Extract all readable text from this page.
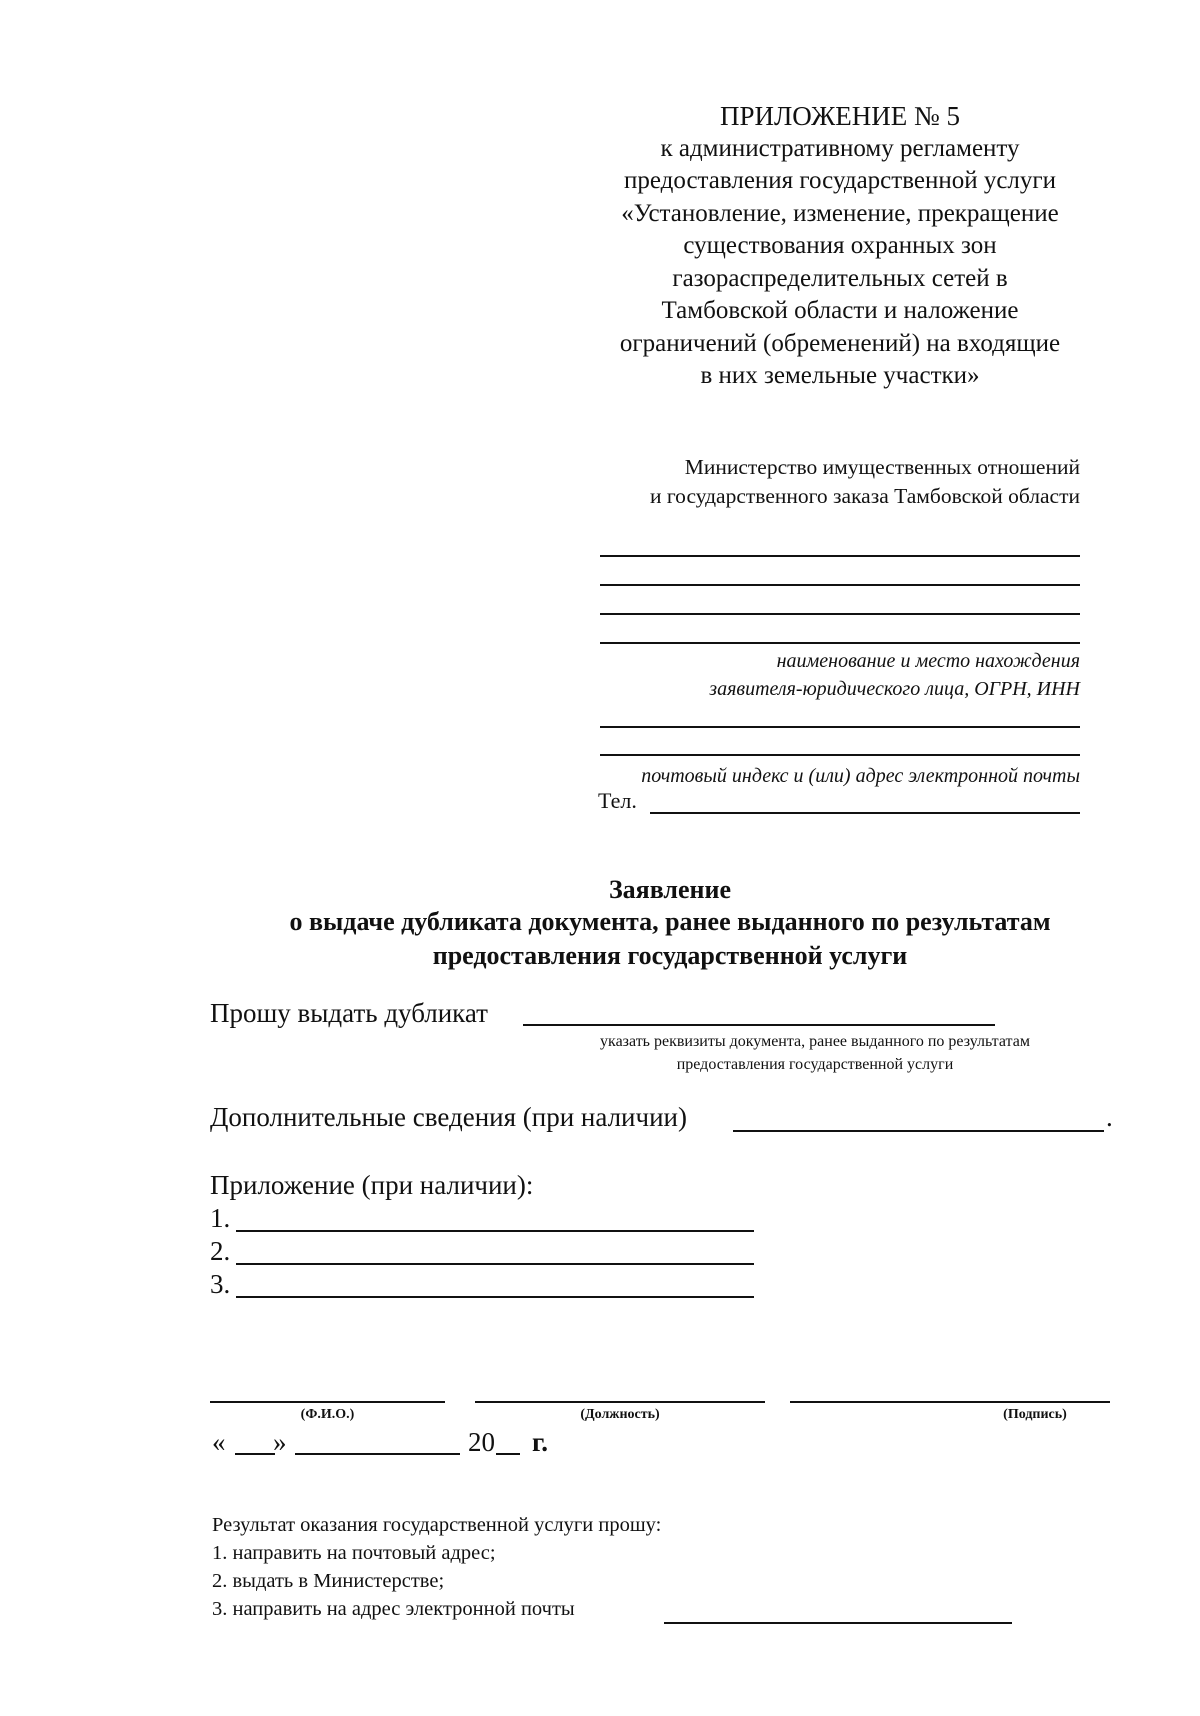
ПРИЛОЖЕНИЕ № 5
к административному регламенту
предоставления государственной услуги
«Установление, изменение, прекращение
существования охранных зон
газораспределительных сетей в
Тамбовской области и наложение
ограничений (обременений) на входящие
в них земельные участки»
Министерство имущественных отношений
и государственного заказа Тамбовской области
наименование и место нахождения
заявителя-юридического лица, ОГРН, ИНН
почтовый индекс и (или) адрес электронной почты
Тел.
Заявление
о выдаче дубликата документа, ранее выданного по результатам
предоставления государственной услуги
Прошу выдать дубликат
указать реквизиты документа, ранее выданного по результатам
предоставления государственной услуги
Дополнительные сведения (при наличии)	.
Приложение (при наличии):
1.
2.
3.
(Ф.И.О.)	(Должность)	(Подпись)
« »	20 г.
Результат оказания государственной услуги прошу:
1. направить на почтовый адрес;
2. выдать в Министерстве;
3. направить на адрес электронной почты
